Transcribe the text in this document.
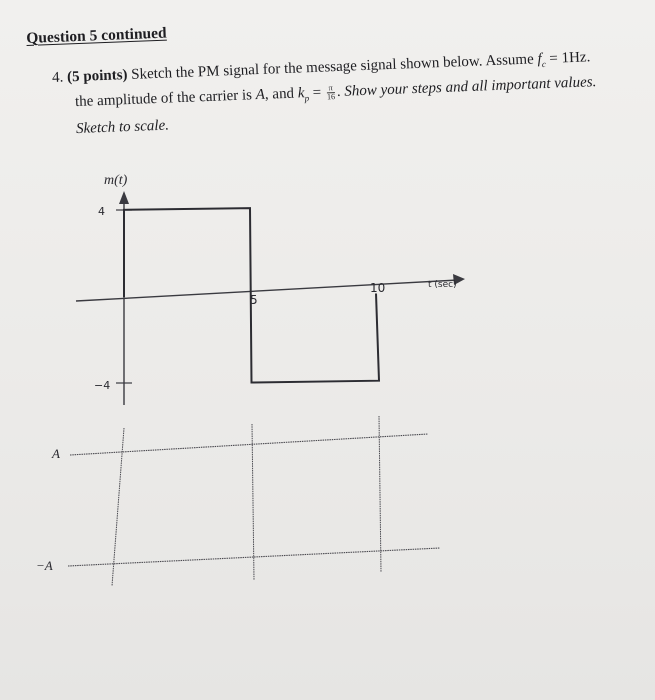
Question 5 continued
4. (5 points) Sketch the PM signal for the message signal shown below. Assume $f_c = 1Hz$.
the amplitude of the carrier is A, and $k_p = \frac{\pi}{16}$ . Show your steps and all important values.
Sketch to scale.
m(t)
4
−4
5
10	t (sec)
A
−A
